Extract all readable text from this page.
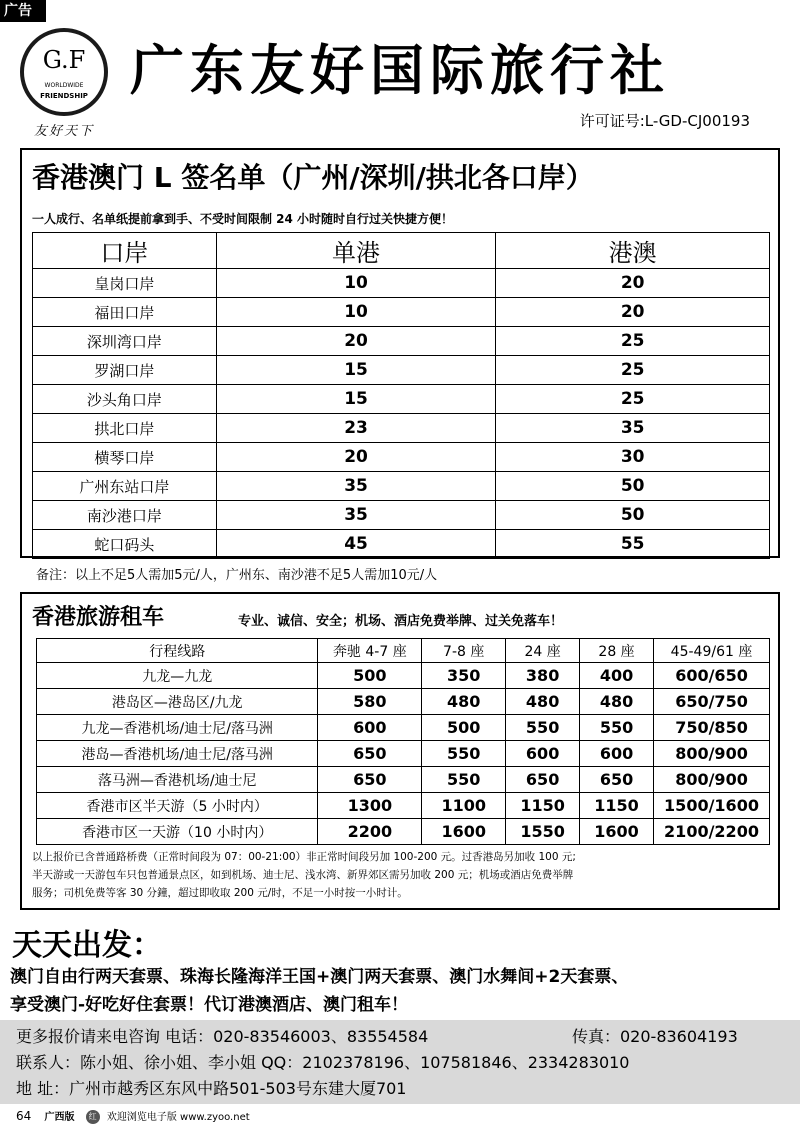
广告
G.F
WORLDWIDE
FRIENDSHIP
友好天下
广东友好国际旅行社
许可证号:L-GD-CJ00193
香港澳门 L 签名单（广州/深圳/拱北各口岸）
一人成行、名单纸提前拿到手、不受时间限制 24 小时随时自行过关快捷方便！
口岸	单港	港澳
皇岗口岸	10	20
福田口岸	10	20
深圳湾口岸	20	25
罗湖口岸	15	25
沙头角口岸	15	25
拱北口岸	23	35
横琴口岸	20	30
广州东站口岸	35	50
南沙港口岸	35	50
蛇口码头	45	55
备注：以上不足5人需加5元/人，广州东、南沙港不足5人需加10元/人
香港旅游租车	专业、诚信、安全；机场、酒店免费举牌、过关免落车！
行程线路	奔驰 4-7 座	7-8 座	24 座	28 座	45-49/61 座
九龙—九龙	500	350	380	400	600/650
港岛区—港岛区/九龙	580	480	480	480	650/750
九龙—香港机场/迪士尼/落马洲	600	500	550	550	750/850
港岛—香港机场/迪士尼/落马洲	650	550	600	600	800/900
落马洲—香港机场/迪士尼	650	550	650	650	800/900
香港市区半天游（5 小时内）	1300	1100	1150	1150	1500/1600
香港市区一天游（10 小时内）	2200	1600	1550	1600	2100/2200
以上报价已含普通路桥费（正常时间段为 07：00-21:00）非正常时间段另加 100-200 元。过香港岛另加收 100 元;
半天游或一天游包车只包普通景点区，如到机场、迪士尼、浅水湾、新界郊区需另加收 200 元；机场或酒店免费举牌
服务；司机免费等客 30 分鐘，超过即收取 200 元/时，不足一小时按一小时计。
天天出发：
澳门自由行两天套票、珠海长隆海洋王国+澳门两天套票、澳门水舞间+2天套票、
享受澳门-好吃好住套票！代订港澳酒店、澳门租车！
更多报价请来电咨询 电话：020-83546003、83554584	传真：020-83604193
联系人：陈小姐、徐小姐、李小姐 QQ：2102378196、107581846、2334283010
地 址：广州市越秀区东风中路501-503号东建大厦701
64 广西版 红 欢迎浏览电子版 www.zyoo.net
